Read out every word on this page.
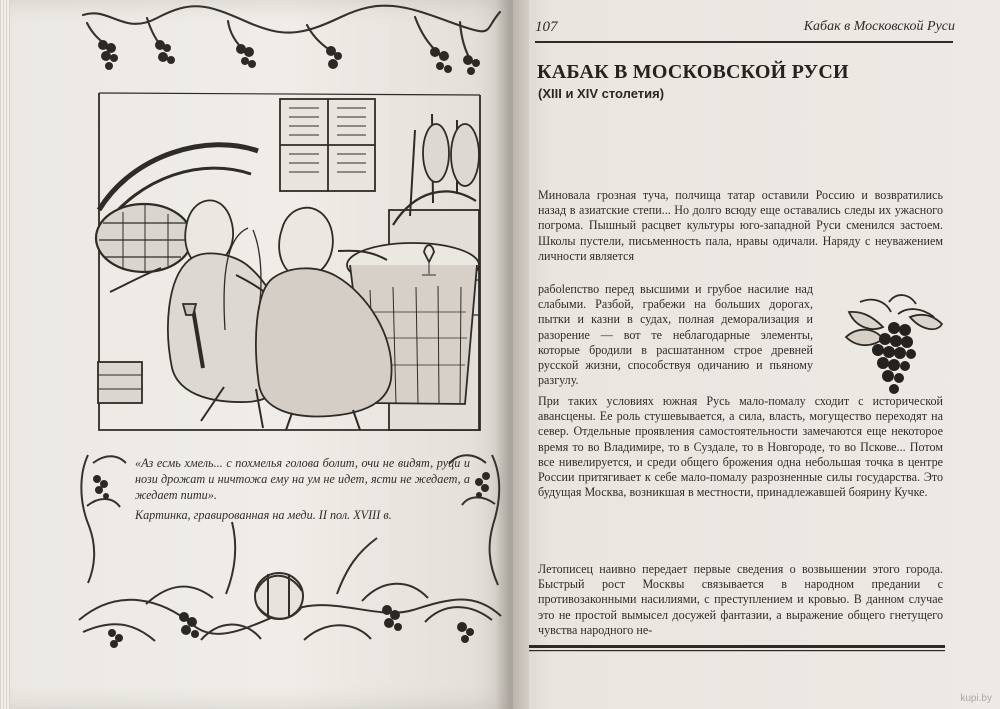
«Аз есмь хмель... с похмелья голова болит, очи не видят, руци и нози дрожат и ничтожа ему на ум не идет, ясти не жедает, а жедает пити».

Картинка, гравированная на меди. II пол. XVIII в.

107	Кабак в Московской Руси
КАБАК В МОСКОВСКОЙ РУСИ
(XIII и XIV столетия)

Миновала грозная туча, полчища татар оставили Россию и возвратились назад в азиатские степи... Но долго всюду еще оставались следы их ужасного погрома. Пышный расцвет культуры юго-западной Руси сменился застоем. Школы пустели, письменность пала, нравы одичали. Наряду с неуважением личности является

рабolепство перед высшими и грубое насилие над слабыми. Разбой, грабежи на больших дорогах, пытки и казни в судах, полная деморализация и разорение — вот те неблагодарные элементы, которые бродили в расшатанном строе древней русской жизни, способствуя одичанию и пьяному разгулу.

При таких условиях южная Русь мало-помалу сходит с исторической авансцены. Ее роль стушевывается, а сила, власть, могущество переходят на север. Отдельные проявления самостоятельности замечаются еще некоторое время то во Владимире, то в Суздале, то в Новгороде, то во Пскове... Потом все нивелируется, и среди общего брожения одна небольшая точка в центре России притягивает к себе мало-помалу разрозненные силы государства. Это будущая Москва, возникшая в местности, принадлежавшей боярину Кучке.

Летописец наивно передает первые сведения о возвышении этого города. Быстрый рост Москвы связывается в народном предании с противозаконными насилиями, с преступлением и кровью. В данном случае это не простой вымысел досужей фантазии, а выражение общего гнетущего чувства народного не-

kupi.by
